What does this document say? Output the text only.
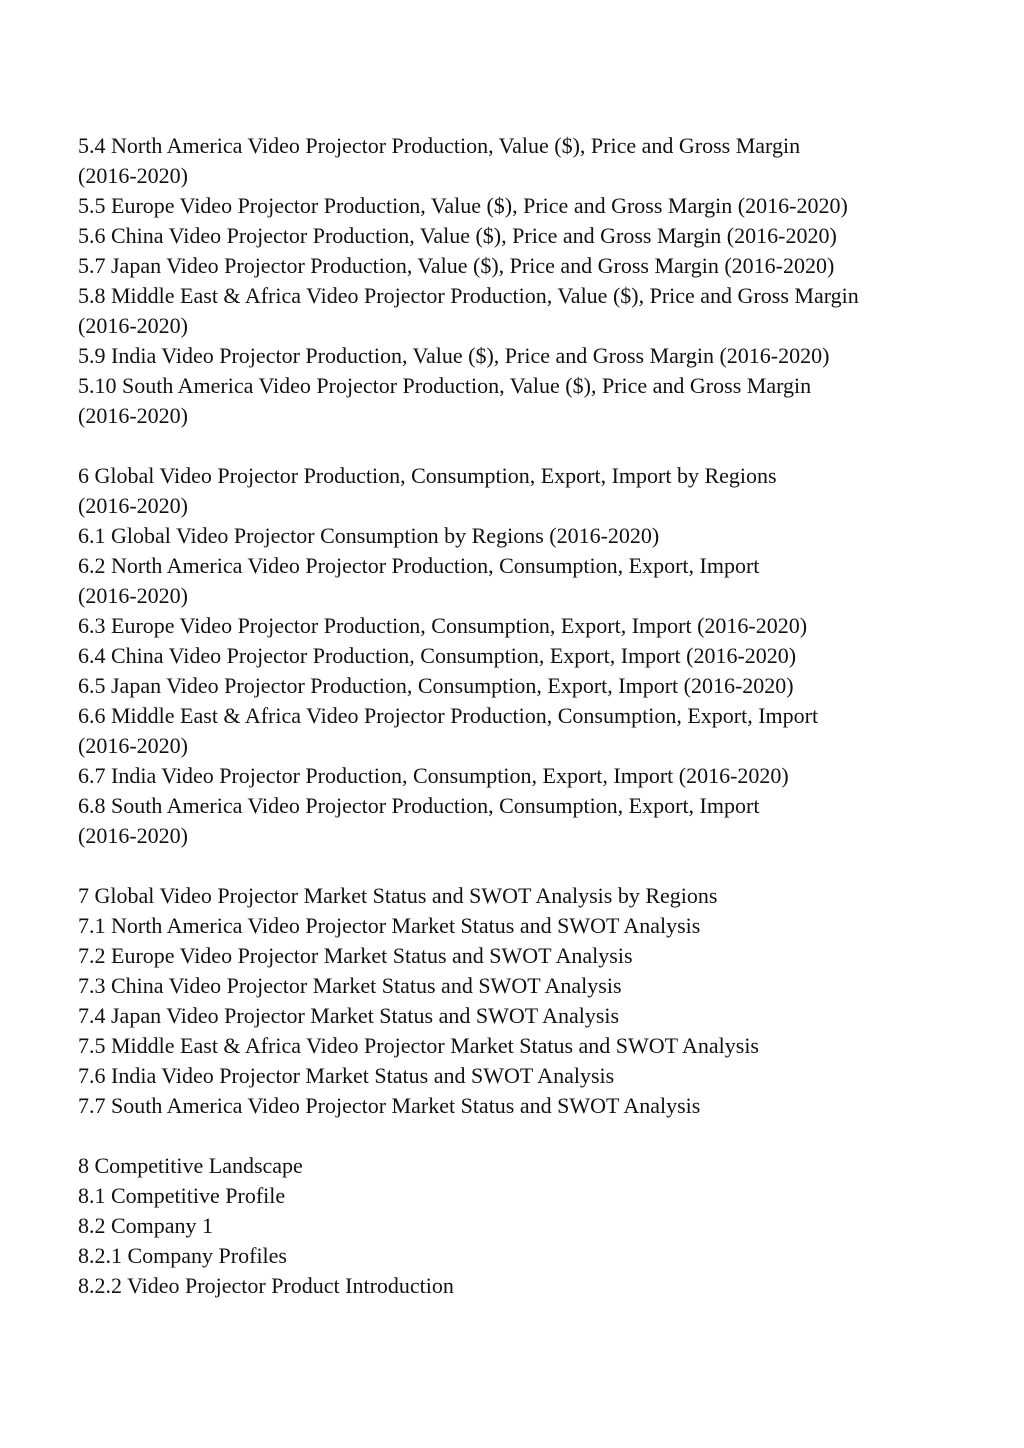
5.4 North America Video Projector Production, Value ($), Price and Gross Margin

(2016-2020)

5.5 Europe Video Projector Production, Value ($), Price and Gross Margin (2016-2020)

5.6 China Video Projector Production, Value ($), Price and Gross Margin (2016-2020)

5.7 Japan Video Projector Production, Value ($), Price and Gross Margin (2016-2020)

5.8 Middle East & Africa Video Projector Production, Value ($), Price and Gross Margin

(2016-2020)

5.9 India Video Projector Production, Value ($), Price and Gross Margin (2016-2020)

5.10 South America Video Projector Production, Value ($), Price and Gross Margin

(2016-2020)

6 Global Video Projector Production, Consumption, Export, Import by Regions

(2016-2020)

6.1 Global Video Projector Consumption by Regions (2016-2020)

6.2 North America Video Projector Production, Consumption, Export, Import

(2016-2020)

6.3 Europe Video Projector Production, Consumption, Export, Import (2016-2020)

6.4 China Video Projector Production, Consumption, Export, Import (2016-2020)

6.5 Japan Video Projector Production, Consumption, Export, Import (2016-2020)

6.6 Middle East & Africa Video Projector Production, Consumption, Export, Import

(2016-2020)

6.7 India Video Projector Production, Consumption, Export, Import (2016-2020)

6.8 South America Video Projector Production, Consumption, Export, Import

(2016-2020)

7 Global Video Projector Market Status and SWOT Analysis by Regions

7.1 North America Video Projector Market Status and SWOT Analysis

7.2 Europe Video Projector Market Status and SWOT Analysis

7.3 China Video Projector Market Status and SWOT Analysis

7.4 Japan Video Projector Market Status and SWOT Analysis

7.5 Middle East & Africa Video Projector Market Status and SWOT Analysis

7.6 India Video Projector Market Status and SWOT Analysis

7.7 South America Video Projector Market Status and SWOT Analysis

8 Competitive Landscape

8.1 Competitive Profile

8.2 Company 1

8.2.1 Company Profiles

8.2.2 Video Projector Product Introduction
